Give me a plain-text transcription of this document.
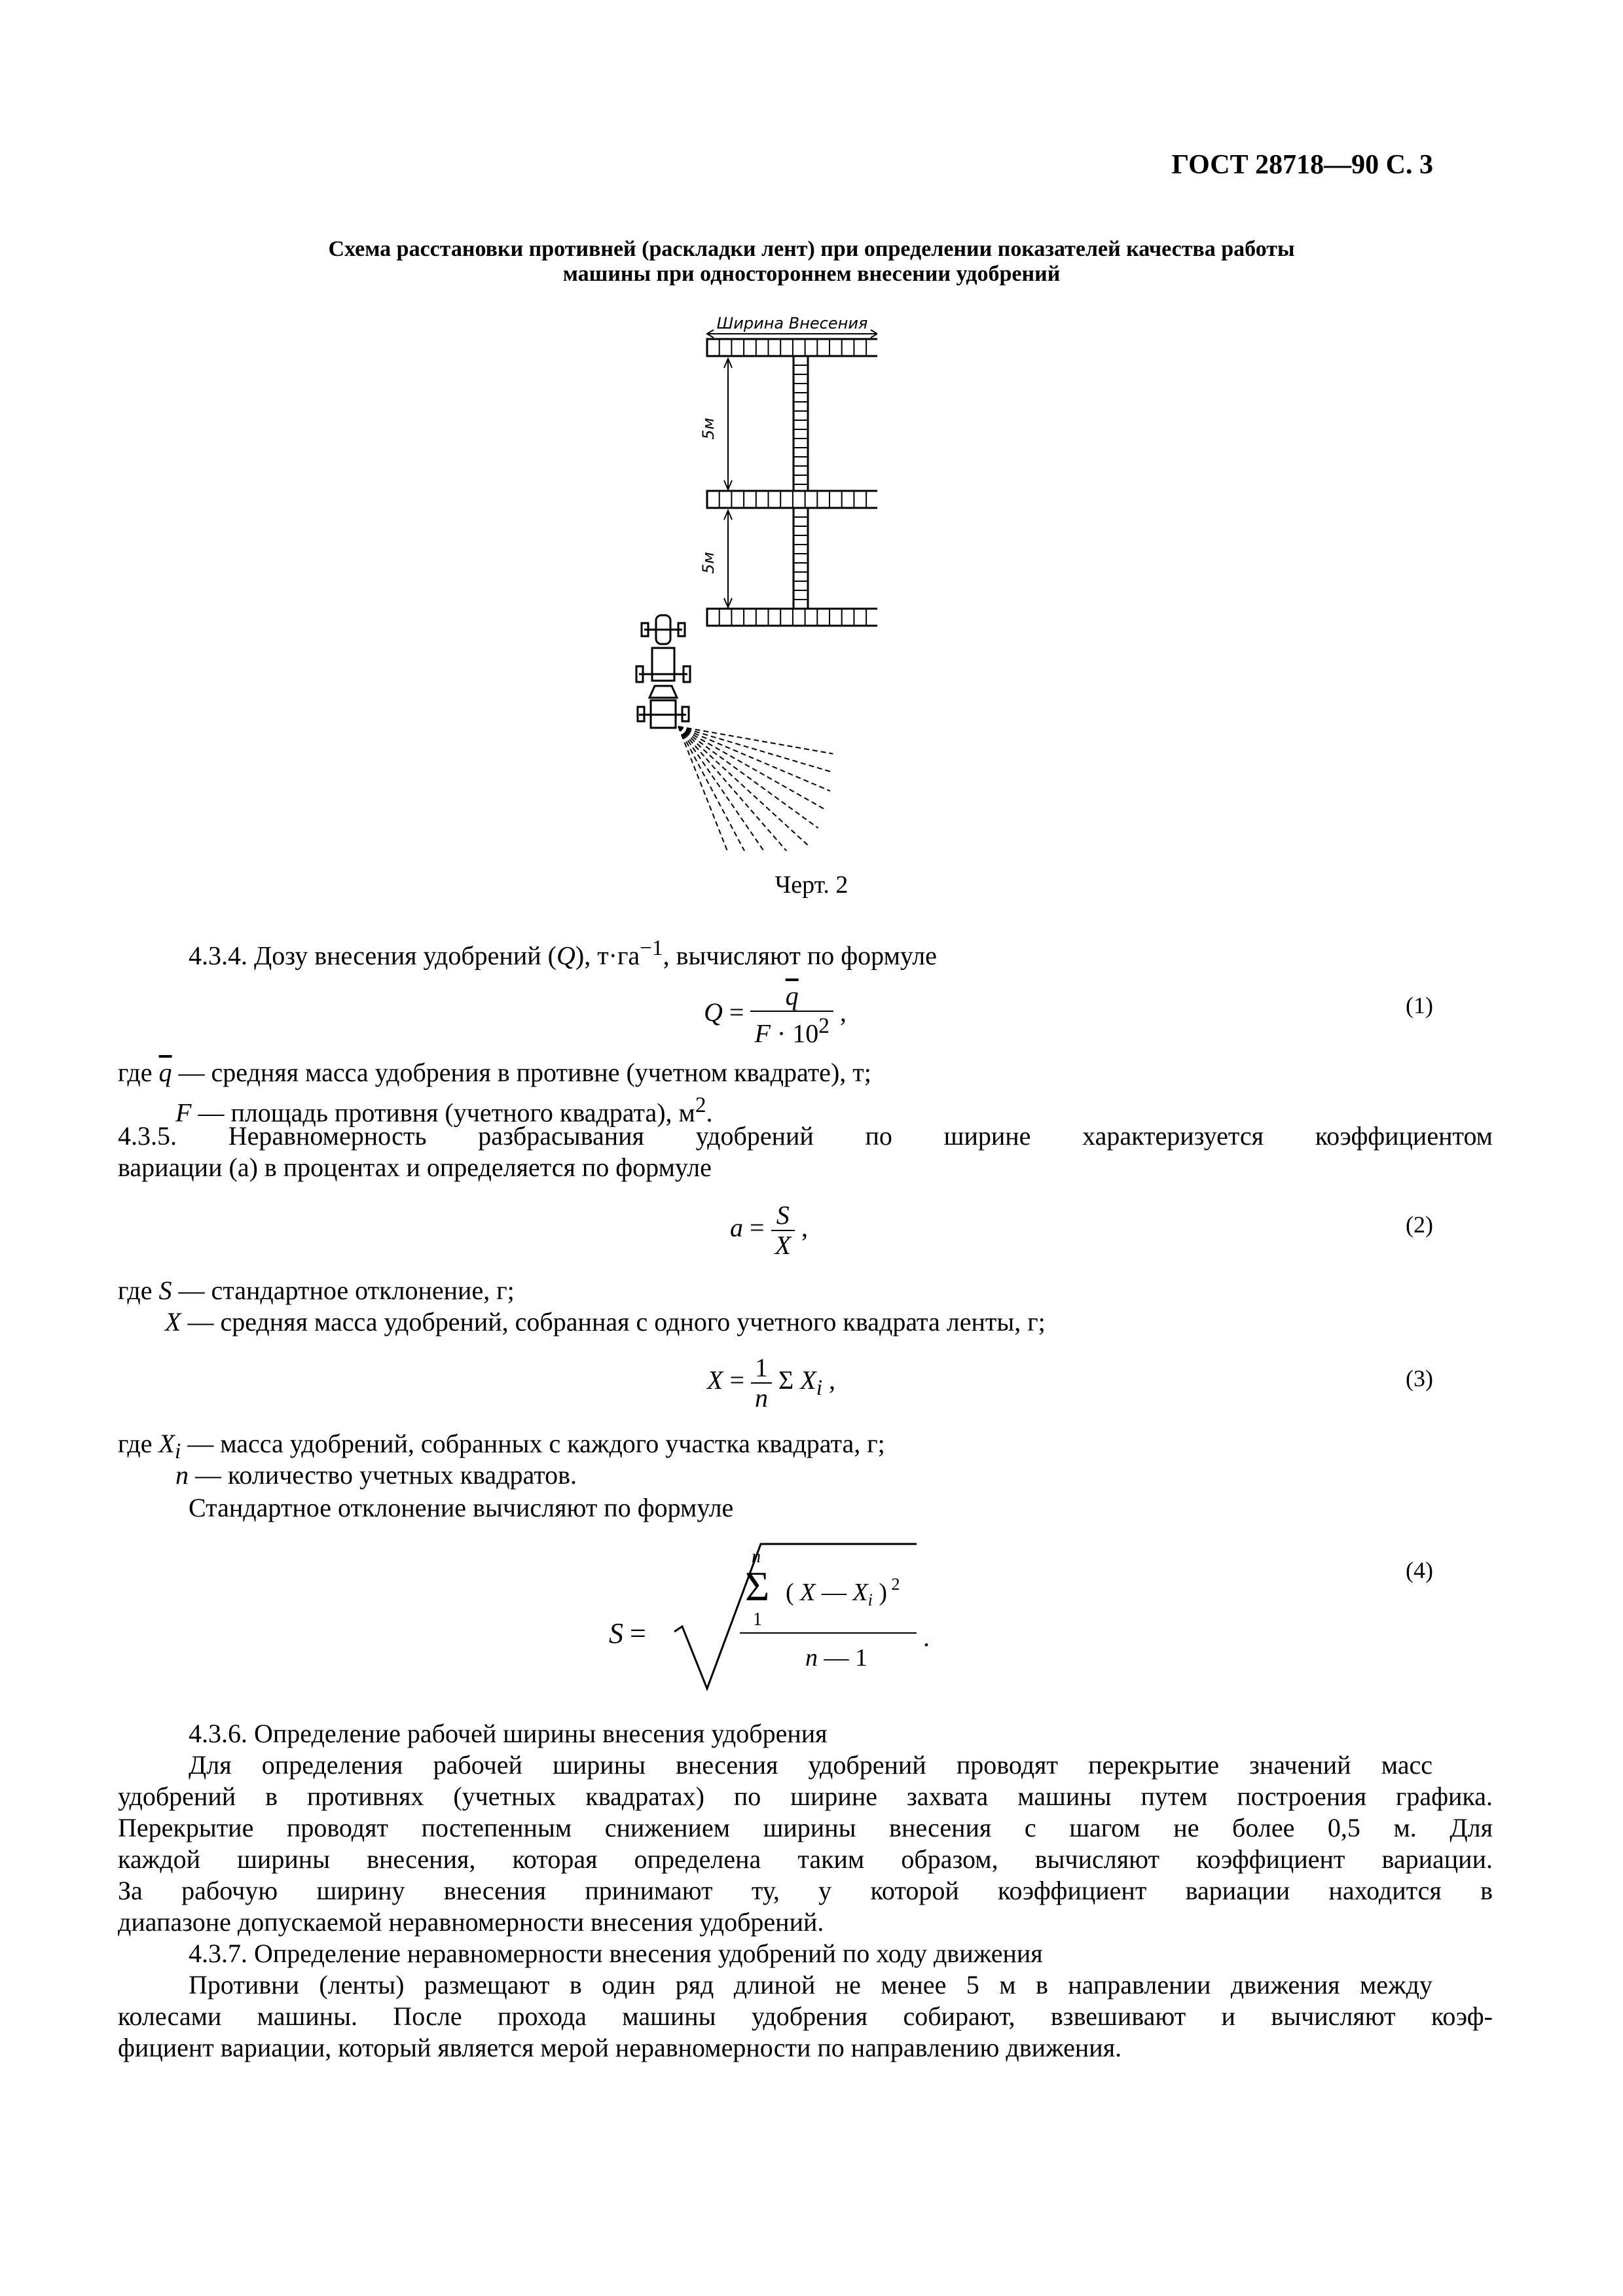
ГОСТ 28718—90 С. 3
Схема расстановки противней (раскладки лент) при определении показателей качества работы
машины при одностороннем внесении удобрений
Ширина Внесения
5м
5м
Черт. 2
4.3.4. Дозу внесения удобрений (Q), $т\cdot га^{-1}$, вычисляют по формуле
$Q = \frac{\overline{q}}{F \cdot 10^2}$ ,	(1)
где $\overline{q}$ — средняя масса удобрения в противне (учетном квадрате), т;
F — площадь противня (учетного квадрата), $м^2$.
4.3.5. Неравномерность разбрасывания удобрений по ширине характеризуется коэффициентом
вариации (a) в процентах и определяется по формуле
$a = \frac{S}{X}$ ,	(2)
где S — стандартное отклонение, г;
X — средняя масса удобрений, собранная с одного учетного квадрата ленты, г;
$X = \frac{1}{n}$ Σ $X_i$ ,	(3)
где $X_i$ — масса удобрений, собранных с каждого участка квадрата, г;
n — количество учетных квадратов.
Стандартное отклонение вычисляют по формуле
S =
n
Σ
1
( X — $X_i$ ) $^2$
n — 1
.
(4)
4.3.6. Определение рабочей ширины внесения удобрения
Для определения рабочей ширины внесения удобрений проводят перекрытие значений масс
удобрений в противнях (учетных квадратах) по ширине захвата машины путем построения графика.
Перекрытие проводят постепенным снижением ширины внесения с шагом не более 0,5 м. Для
каждой ширины внесения, которая определена таким образом, вычисляют коэффициент вариации.
За рабочую ширину внесения принимают ту, у которой коэффициент вариации находится в
диапазоне допускаемой неравномерности внесения удобрений.
4.3.7. Определение неравномерности внесения удобрений по ходу движения
Противни (ленты) размещают в один ряд длиной не менее 5 м в направлении движения между
колесами машины. После прохода машины удобрения собирают, взвешивают и вычисляют коэф-
фициент вариации, который является мерой неравномерности по направлению движения.
